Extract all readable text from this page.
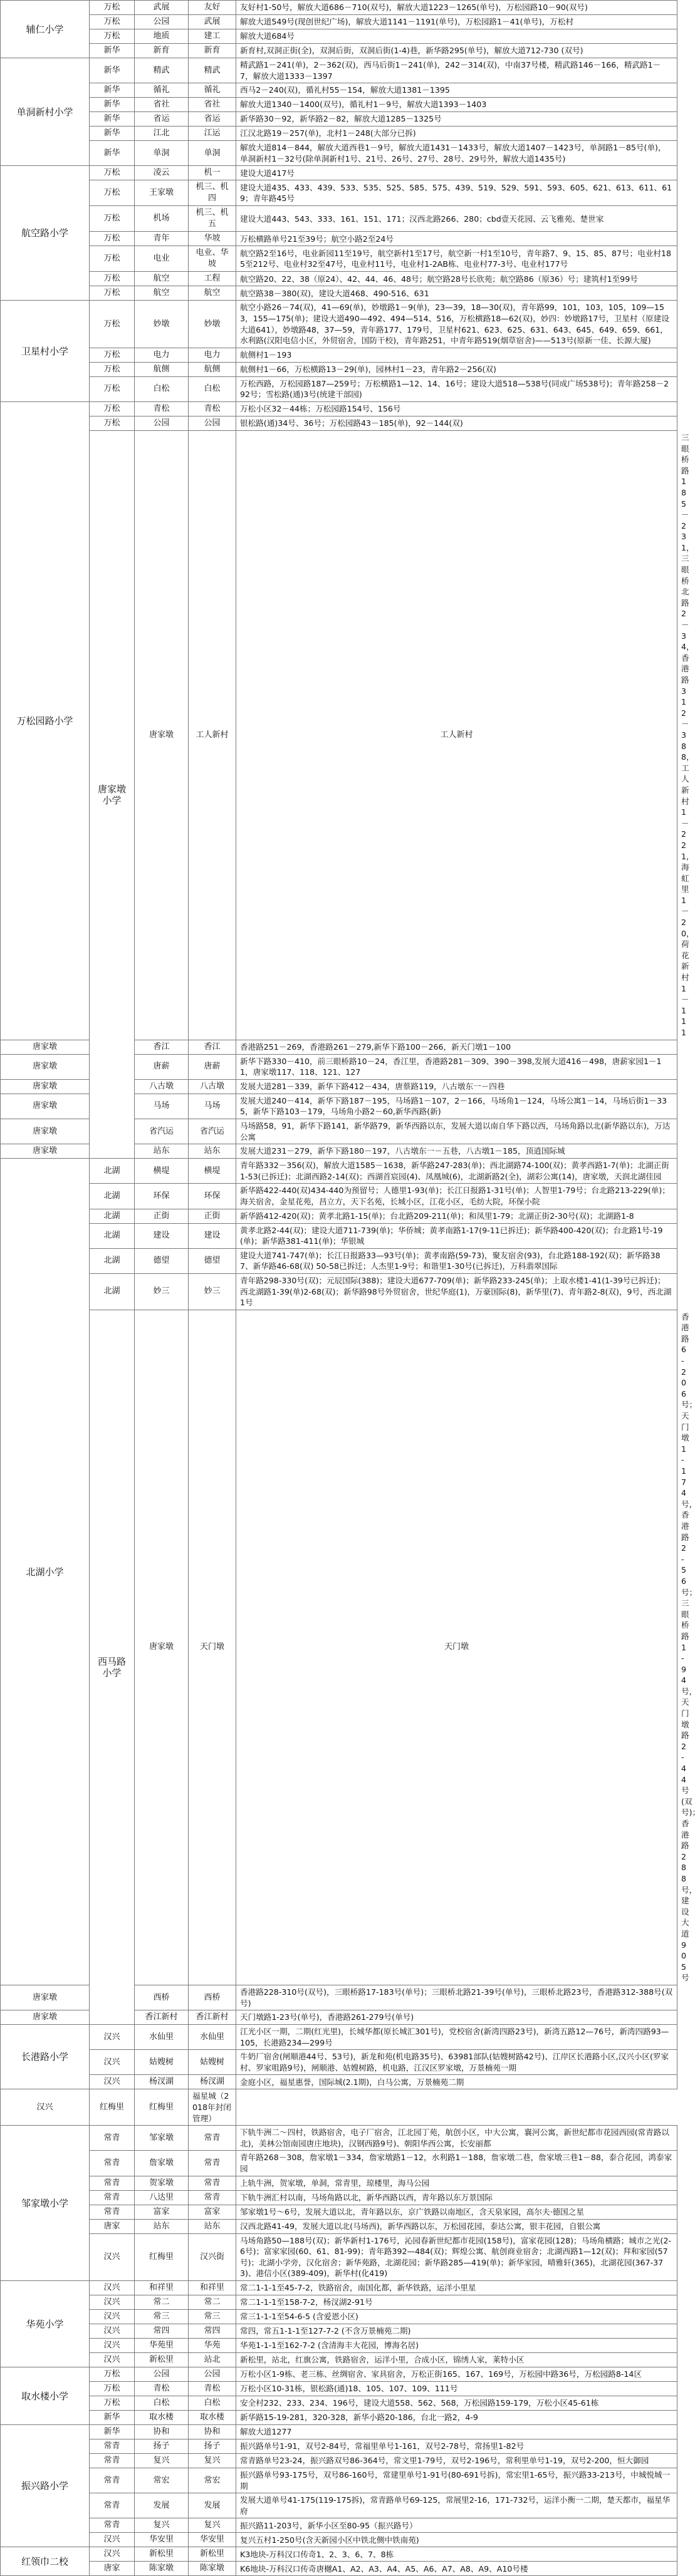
辅仁小学	万松	武展	友好	友好村1-50号，解放大道686－710(双号)，解放大道1223－1265(单号)，万松园路10－90(双号)	
	万松	公园	武展	解放大道549号(现创世纪广场)，解放大道1141－1191(单号)，万松园路1－41(单号)，万松村	
	万松	地质	建工	解放大道684号	
	新华	新育	新育	新育村,双洞正街(全)，双洞后街，双洞后街(1-4)巷，新华路295(单号)，解放大道712-730 (双号)	
单洞新村小学	新华	精武	精武	精武路1－241(单)，2－362(双)，西马后街1－241(单)，242－314(双)，中南37号楼，精武路146－166，精武路1－7，解放大道1333－1397	
	新华	循礼	循礼	西马2－240(双)，循礼村55－154，解放大道1381－1395	
	新华	省社	省社	解放大道1340－1400(双号)，循礼村1－9号，解放大道1393－1403	
	新华	省运	省运	新华路30－92，新华路2－82，解放大道1285－1325号	
	新华	江北	江运	江汉北路19－257(单)，北村1－248(大部分已拆)	
	新华	单洞	单洞	解放大道814－844，解放大道西巷1－9号，解放大道1431－1433号，解放大道1407－1423号，单洞路1－85号(单)，单洞新村1－32号(除单洞新村1号、21号、26号、27号、28号、29号外，解放大道1435号)	
航空路小学	万松	凌云	机一	建设大道417号	
	万松	王家墩	机三、机四	建设大道435、433、439、533、535、525、585、575、439、519、529、591、593、605、621、613、611、619；青年路45号	
	万松	机场	机三、机五	建设大道443、543、333、161、151、171；汉西北路266、280；cbd壹天花园、云飞雅苑、楚世家	
	万松	青年	华坡	万松横路单号21至39号；航空小路2至24号	
	万松	电业	电业、华坡	航空路2至16号，电业新园11至19号，航空新村1至17号，航空新一村1至10号，青年路7、9、15、85、87号；电业村185至212号、电业村32至47号，电业村11号，电业村1-2AB栋、电业村77-3号、电业村177号	
	万松	航空	工程	航空路20、22、38（原24）、42、44、46、48号；航空路28号长欣苑；航空路86（原36）号；建筑村1至99号	
	万松	航空	航空	航空路38－380(双)，建设大道468、490-516、631	
卫星村小学	万松	妙墩	妙墩	航空小路26－74(双)，41—69(单)，妙墩路1－9(单)，23—39，18—30(双)，青年路99，101，103，105，109—153，155—175(单)；建设大道490—492、494—514、516，万松横路18—62(双)，妙四：妙墩路17号，卫星村（原建设大道641），妙墩路48，37—59，青年路177、179号，卫星村621、623、625、631、643、645、649、659、661，水利路(汉阳电信小区，外贸宿舍，国防干校)，青年路251，中青年路519(烟草宿舍)——513号(原新一佳、长源大厦)	
	万松	电力	电力	航侧村1－193	
	万松	航侧	航侧	航侧村1－66，万松横路13－29(单)，园林村1－23，青年路2－256(双)	
	万松	白松	白松	万松西路，万松园路187—259号；万松横路1—12、14、16号；建设大道518—538号(同成广场538号)；青年路258－292号；雪松路(通)3号(统建干部园)	
万松园路小学	万松	青松	青松	万松小区32－44栋；万松园路154号、156号	
	万松	公园	公园	银松路(通)34号、36号；万松园路43－185(单)，92－144(双)	
	唐家墩小学	唐家墩	工人新村	工人新村	三眼桥路185－231，三眼桥北路2－34，香港路312－388，工人新村1－221,海虹里1－20，荷花新村1－111
唐家墩		香江	香江	香港路251－269，香港路261－279,新华下路100－266，新天门墩1－100	
唐家墩		唐薪	唐薪	新华下路330－410，前三眼桥路10－24，香江里，香港路281－309、390－398,发展大道416－498，唐薪家园1－11，唐家墩117、118、121、127	
唐家墩		八古墩	八古墩	发展大道281－339，新华下路412－434，唐蔡路119，八古墩东一－四巷	
唐家墩		马场	马场	发展大道240－414，新华下路187－195，马场路1－107，2－166，马场角1－124，马场公寓1－14，马场后街1－335，新华下路103－179，马场角小路2－60,新华西路(新)	
唐家墩		省汽运	省汽运	马场路58，91，新华下路141，新华路79，新华西路以东，发展大道以南自华下路以西，马场角路以北(新华路以东)，万达公寓	
唐家墩		站东	站东	发展大道231－279，新华下路180－197，八古墩东一－五巷，八古墩1－185，顶逍国际城	
北湖小学	北湖	横堤	横堤	青年路332－356(双)，解放大道1585－1638，新华路247-283(单)；西北湖路74-100(双)；黄孝西路1-7(单)；北湖正街1-53(已拆迁)；北湖西路2-14(双)；西湖首宸园(4)、凤凰城(6)，北湖新路2(全)，湖彩公寓(14)，唐家墩，天润北湖佳园	
	北湖	环保	环保	新华路422-440(双)434-440为预留号；人德里1-93(单)；长江日报路1-31号(单)；人智里1-79号；台北路213-229(单)；海关宿舍，金星花苑，昌立方，天下名苑，长城小区，江花小区，毛纺大院，环保小院	
	北湖	正街	正街	新华路412-420(双)；黄孝北路1-15(单)；台北路209-211(单)；和凤里1-79；北湖正街2-30号(双)；北湖路1-8	
	北湖	建设	建设	黄孝北路2-44(双)；建设大道711-739(单)；华侨城；黄孝南路1-17(9-11已拆迁)；新华路400-420(双)；台北路1号-19(单)；新华路381-411(单)；华银城	
	北湖	德望	德望	建设大道741-747(单)；长江日报路33—93号(单)；黄孝南路(59-73)，聚友宿舍(93)，台北路188-192(双)；新华路387、新华路46-68(双) 50-58已拆迁；人杰里1-9号；和谐里1-30号(已拆迁)，万科翡翠国际	
	北湖	妙三	妙三	青年路298-330号(双)；元辰国际(388)；建设大道677-709(单)；新华路233-245(单)；上取水楼1-41(1-39号已拆迁)；西北湖路1-39(单)2-68(双)；新华路98号外贸宿舍，世纪华庭(1)，万豪国际(8)，新华里(7)、青年路2-8(双)，9号，西北湖1号	
	西马路小学	唐家墩	天门墩	天门墩	香港路6-206号；天门墩1-174号，香港路2-56号；三眼桥路1-94号，天门墩路2-44号(双号)；香港路288号，建设大道905号
唐家墩		西桥	西桥	香港路228-310号(双号)，三眼桥路17-183号(单号)；三眼桥北路21-39号(单号)，三眼桥北路23号，香港路312-388号(双号)	
唐家墩		香江新村	香江新村	天门墩路1-23号(单号)，香港路261-279号(单号)	
长港路小学	汉兴	水仙里	水仙里	江光小区一期，二期(红光里)，长城华都(原长城汇301号)，党校宿舍(新湾四路23号)，新湾五路12—76号，新湾四路93—105，长港路234—299号	
	汉兴	姑嫂树	姑嫂树	牛奶厂宿舍(闸顺港44号、53号)，新龙和苑(机电路35号)、63981部队(姑嫂树路42号)、江岸区长港路小区,汉兴小区(罗家村、罗家咀路9号)，闸顺港、姑嫂树路，机电路，江汉区罗家墩，万景楠苑一期	
	汉兴	杨汊湖	杨汊湖	金庭小区，福星惠誉，国际城(2.1期)，白马公寓，万景楠苑二期	
汉兴	红梅里	红梅里	福星城（2018年封闭管理）		
邹家墩小学	常青	邹家墩	常青	下轨牛洲二～四村，铁路宿舍，电子厂宿舍，江北园丁苑，航创小区，中大公寓，襄河公寓，新世纪都市花园西园(常青路以北)，美林公馆南园唐庄地块)，汉钢西路9号)、朝阳华西公寓，长安丽都	
	常青	詹家墩	常青	青年路268－308，詹家墩1－334，詹家墩路1－12，水利路1－188，詹家墩二巷，詹家墩三巷1－88，泰合花园，鸿泰家园	
	常青	贺家墩	常青	上轨牛洲，贺家墩，单洞，常青里，琼楼里，海马公园	
	常青	八达里	常青	下轨牛洲汇村以南，马场角路以北，新华西路以西，青年路以东万景国际	
	常青	富家	富家	邹家墩1号～6号，发展大道以北，青年路以东，京广铁路以南地区，含天泉家园，高尔夫·德国之星	
	唐家	站东	站东	汉西北路41-49，发展大道以北(马场西)，新华西路以东，万松园花园，泰达公寓，银丰花园，自银公寓	
	汉兴	红梅里	汉兴街	马场角路50—188号(双)；新华新村1-176号，沁园春新世纪都市花园(158号)，富家花园(128)；马场角横路；城市之光(2-6号)；富家家园(60、61、81-99)；青年路392—484(双)；辉煌公寓、航创商业宿舍；北湖西路1—12(双)；拜和家园(57号)；北湖小学旁，汉化宿舍；新华苑路，北湖花园；新华路285—419(单)；新华家园，晴雅轩(365)，北湖花园(367-373)、港信小区(389-409)，新华村(化419)	
华苑小学	汉兴	和祥里	和祥里	常二1-1-1至45-7-2，铁路宿舍，南国化都，新华铁路，运洋小里星	
	汉兴	常二	常二	常二1-1-1至158-7-2，杨汊湖2-91号	
	汉兴	常三	常三	常三1-1-1至54-6-5 (含爱恩小区)	
	汉兴	常四	常四	常四，常五1-1-1至127-7-2 (不含万景楠苑二期)	
	汉兴	华苑里	华苑	华苑1-1-1至162-7-2 (含清海丰大花园，博海名居)	
	汉兴	新松里	站北	新松里，站北，红旗公寓，铁路宿舍，运洋小里，合成小区，锦绣人家，莱特小区	
取水楼小学	万松	公园	公园	万松小区1-9栋、老三栋、丝绸宿舍、家具宿舍，万松正街165、167、169号，万松园中路36号，万松园路8-14区	
	万松	青松	青松	万松小区10-31栋，银松路(通)18、105、107、109、111号	
	万松	白松	白松	安全村232、233、234、196号，建设大道558、562、568，万松园路159-179，万松小区45-61栋	
	新华	取水楼	取水楼	新华路15-19-281，320-328，新华小路20-186，台北一路2，4-9	
振兴路小学	新华	协和	协和	解放大道1277	
	常青	扬子	扬子	振兴路单号1-91，双号2-84号，常福里单号1-161，双号2-78号，常扬里1-82号	
	常青	复兴	复兴	常青路单号23-24，振兴路双号86-364号，常文里1-79号，双号2-196号，常利里单号1-19，双号2-200，恒大御园	
	常青	常宏	常宏	振兴路单号93-175号，双号86-160号，常建里单号1-91号(80-691号拆)，常宏里1-65号，振兴路33-213号，中城悦城一期	
	常青	发展	发展	发展大道单号41-175(119-175拆)，常青路单号69-125，常展里2-16，171-732号，运洋小衡一二期，楚天都市，福星华府	
	常青	复兴	复兴	振兴路11-203号，新华小区至80-95（振兴路号）	
	汉兴	华安里	华安里	复兴五村1-250号(含天新园小区中铁北侧中铁南苑)	
红领巾二校	汉兴	新松里	新松里	K3地块-万科汉口传奇1、2、3、6、7、8栋	
	唐家	陈家墩	陈家墩	K6地块-万科汉口传奇唐樾A1、A2、A3、A4、A5、A6、A7、A8、A9、A10号楼	
